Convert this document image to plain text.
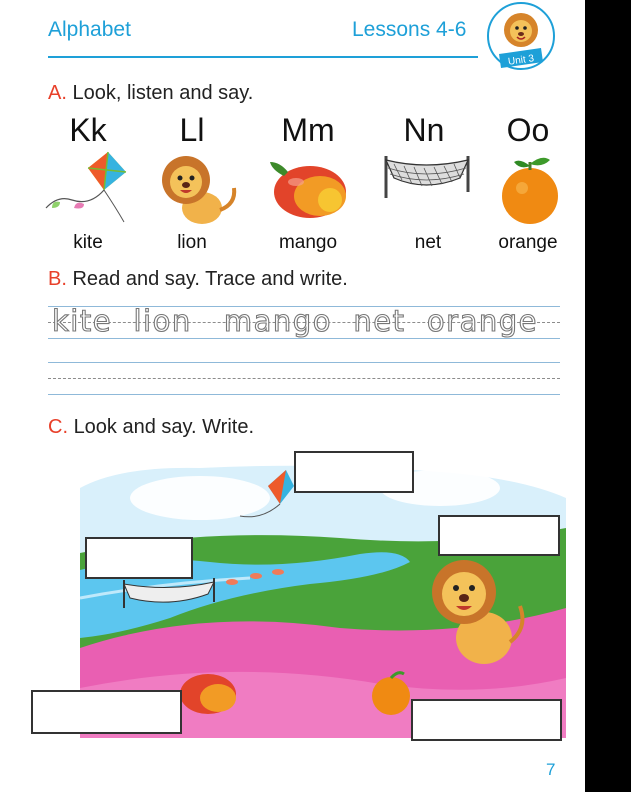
Alphabet	Lessons 4-6
Unit 3
A. Look, listen and say.
Kk	Ll	Mm	Nn	Oo
kite	lion	mango	net	orange
B. Read and say. Trace and write.
kite  lion   mango  net  orange
C. Look and say. Write.
7
